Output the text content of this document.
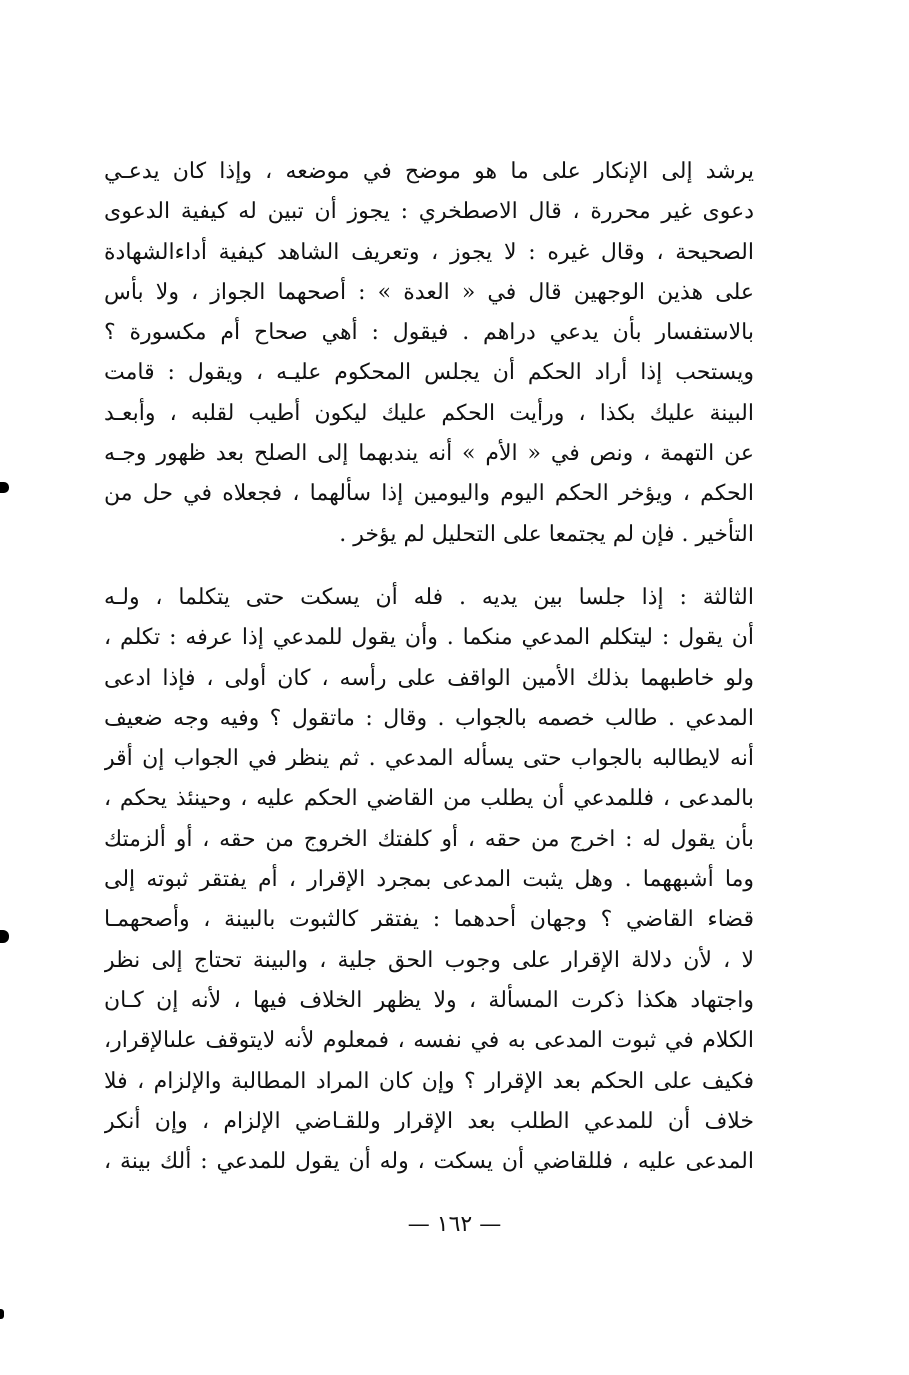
يرشد إلى الإنكار على ما هو موضح في موضعه ، وإذا كان يدعـي
دعوى غير محررة ، قال الاصطخري : يجوز أن تبين له كيفية الدعوى
الصحيحة ، وقال غيره : لا يجوز ، وتعريف الشاهد كيفية أداءالشهادة
على هذين الوجهين قال في « العدة » : أصحهما الجواز ، ولا بأس
بالاستفسار بأن يدعي دراهم . فيقول : أهي صحاح أم مكسورة ؟
ويستحب إذا أراد الحكم أن يجلس المحكوم عليـه ، ويقول : قامت
البينة عليك بكذا ، ورأيت الحكم عليك ليكون أطيب لقلبه ، وأبعـد
عن التهمة ، ونص في « الأم » أنه يندبهما إلى الصلح بعد ظهور وجـه
الحكم ، ويؤخر الحكم اليوم واليومين إذا سألهما ، فجعلاه في حل من
التأخير . فإن لم يجتمعا على التحليل لم يؤخر .
الثالثة : إذا جلسا بين يديه . فله أن يسكت حتى يتكلما ، ولـه
أن يقول : ليتكلم المدعي منكما . وأن يقول للمدعي إذا عرفه : تكلم ،
ولو خاطبهما بذلك الأمين الواقف على رأسه ، كان أولى ، فإذا ادعى
المدعي . طالب خصمه بالجواب . وقال : ماتقول ؟ وفيه وجه ضعيف
أنه لايطالبه بالجواب حتى يسأله المدعي . ثم ينظر في الجواب إن أقر
بالمدعى ، فللمدعي أن يطلب من القاضي الحكم عليه ، وحينئذ يحكم ،
بأن يقول له : اخرج من حقه ، أو كلفتك الخروج من حقه ، أو ألزمتك
وما أشبههما . وهل يثبت المدعى بمجرد الإقرار ، أم يفتقر ثبوته إلى
قضاء القاضي ؟ وجهان أحدهما : يفتقر كالثبوت بالبينة ، وأصحهمـا
لا ، لأن دلالة الإقرار على وجوب الحق جلية ، والبينة تحتاج إلى نظر
واجتهاد هكذا ذكرت المسألة ، ولا يظهر الخلاف فيها ، لأنه إن كـان
الكلام في ثبوت المدعى به في نفسه ، فمعلوم لأنه لايتوقف علىالإقرار،
فكيف على الحكم بعد الإقرار ؟ وإن كان المراد المطالبة والإلزام ، فلا
خلاف أن للمدعي الطلب بعد الإقرار وللقـاضي الإلزام ، وإن أنكر
المدعى عليه ، فللقاضي أن يسكت ، وله أن يقول للمدعي : ألك بينة ،
— ١٦٢ —
